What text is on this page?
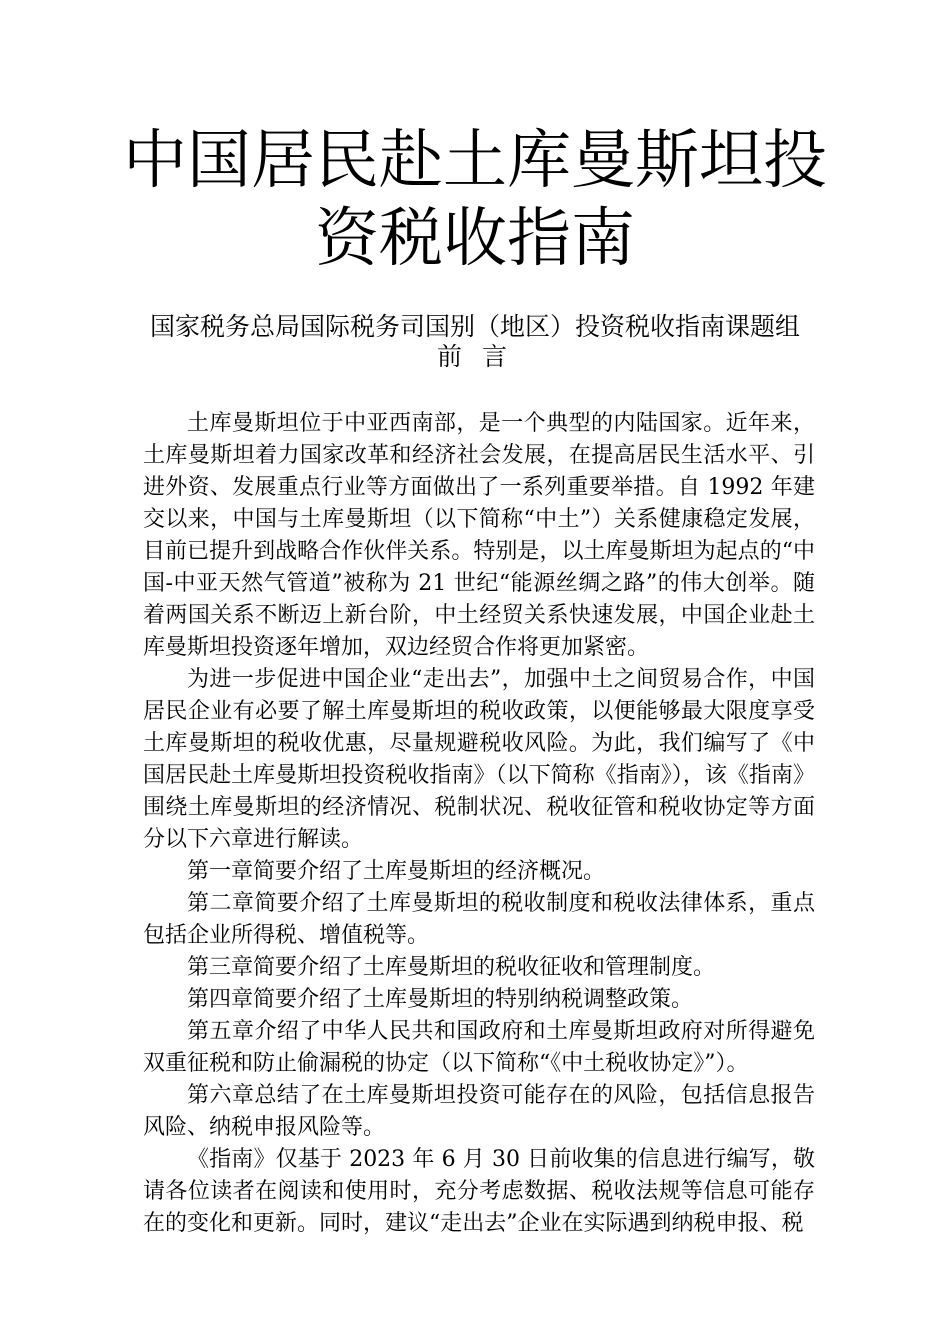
中国居民赴土库曼斯坦投
资税收指南
国家税务总局国际税务司国别（地区）投资税收指南课题组
前 言

土库曼斯坦位于中亚西南部，是一个典型的内陆国家。近年来，土库曼斯坦着力国家改革和经济社会发展，在提高居民生活水平、引进外资、发展重点行业等方面做出了一系列重要举措。自 1992 年建交以来，中国与土库曼斯坦（以下简称“中土”）关系健康稳定发展，目前已提升到战略合作伙伴关系。特别是，以土库曼斯坦为起点的“中国-中亚天然气管道”被称为 21 世纪“能源丝绸之路”的伟大创举。随着两国关系不断迈上新台阶，中土经贸关系快速发展，中国企业赴土库曼斯坦投资逐年增加，双边经贸合作将更加紧密。

为进一步促进中国企业“走出去”，加强中土之间贸易合作，中国居民企业有必要了解土库曼斯坦的税收政策，以便能够最大限度享受土库曼斯坦的税收优惠，尽量规避税收风险。为此，我们编写了《中国居民赴土库曼斯坦投资税收指南》（以下简称《指南》），该《指南》围绕土库曼斯坦的经济情况、税制状况、税收征管和税收协定等方面分以下六章进行解读。

第一章简要介绍了土库曼斯坦的经济概况。

第二章简要介绍了土库曼斯坦的税收制度和税收法律体系，重点包括企业所得税、增值税等。

第三章简要介绍了土库曼斯坦的税收征收和管理制度。

第四章简要介绍了土库曼斯坦的特别纳税调整政策。

第五章介绍了中华人民共和国政府和土库曼斯坦政府对所得避免双重征税和防止偷漏税的协定（以下简称“《中土税收协定》”）。

第六章总结了在土库曼斯坦投资可能存在的风险，包括信息报告风险、纳税申报风险等。

《指南》仅基于 2023 年 6 月 30 日前收集的信息进行编写，敬请各位读者在阅读和使用时，充分考虑数据、税收法规等信息可能存在的变化和更新。同时，建议“走出去”企业在实际遇到纳税申报、税
